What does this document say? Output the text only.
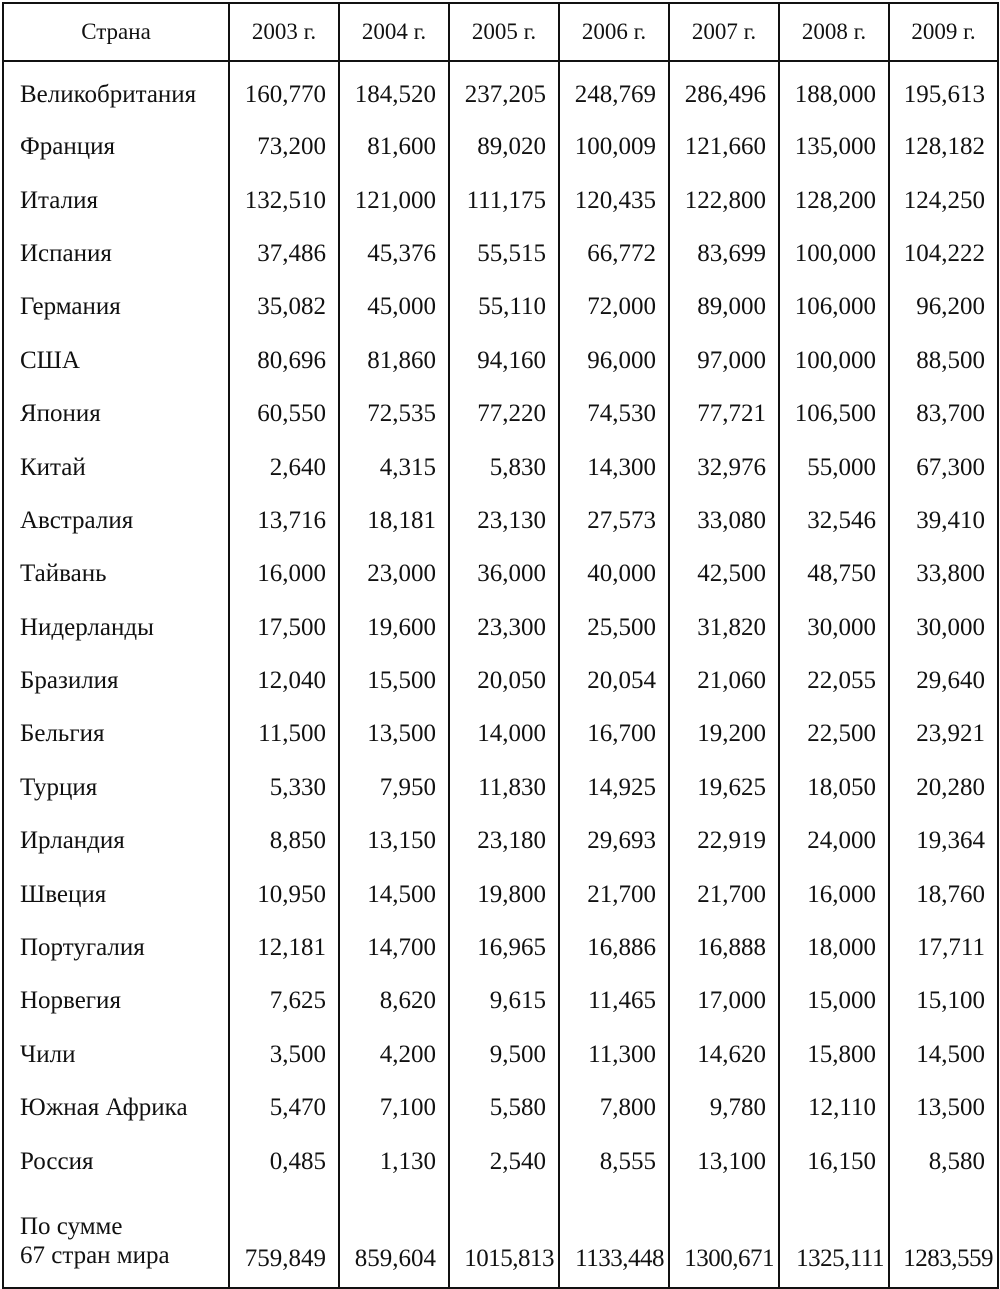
Страна	2003 г.	2004 г.	2005 г.	2006 г.	2007 г.	2008 г.	2009 г.
Великобритания	160,770	184,520	237,205	248,769	286,496	188,000	195,613
Франция	73,200	81,600	89,020	100,009	121,660	135,000	128,182
Италия	132,510	121,000	111,175	120,435	122,800	128,200	124,250
Испания	37,486	45,376	55,515	66,772	83,699	100,000	104,222
Германия	35,082	45,000	55,110	72,000	89,000	106,000	96,200
США	80,696	81,860	94,160	96,000	97,000	100,000	88,500
Япония	60,550	72,535	77,220	74,530	77,721	106,500	83,700
Китай	2,640	4,315	5,830	14,300	32,976	55,000	67,300
Австралия	13,716	18,181	23,130	27,573	33,080	32,546	39,410
Тайвань	16,000	23,000	36,000	40,000	42,500	48,750	33,800
Нидерланды	17,500	19,600	23,300	25,500	31,820	30,000	30,000
Бразилия	12,040	15,500	20,050	20,054	21,060	22,055	29,640
Бельгия	11,500	13,500	14,000	16,700	19,200	22,500	23,921
Турция	5,330	7,950	11,830	14,925	19,625	18,050	20,280
Ирландия	8,850	13,150	23,180	29,693	22,919	24,000	19,364
Швеция	10,950	14,500	19,800	21,700	21,700	16,000	18,760
Португалия	12,181	14,700	16,965	16,886	16,888	18,000	17,711
Норвегия	7,625	8,620	9,615	11,465	17,000	15,000	15,100
Чили	3,500	4,200	9,500	11,300	14,620	15,800	14,500
Южная Африка	5,470	7,100	5,580	7,800	9,780	12,110	13,500
Россия	0,485	1,130	2,540	8,555	13,100	16,150	8,580

По сумме
67 стран мира	759,849	859,604	1015,813	1133,448	1300,671	1325,111	1283,559
